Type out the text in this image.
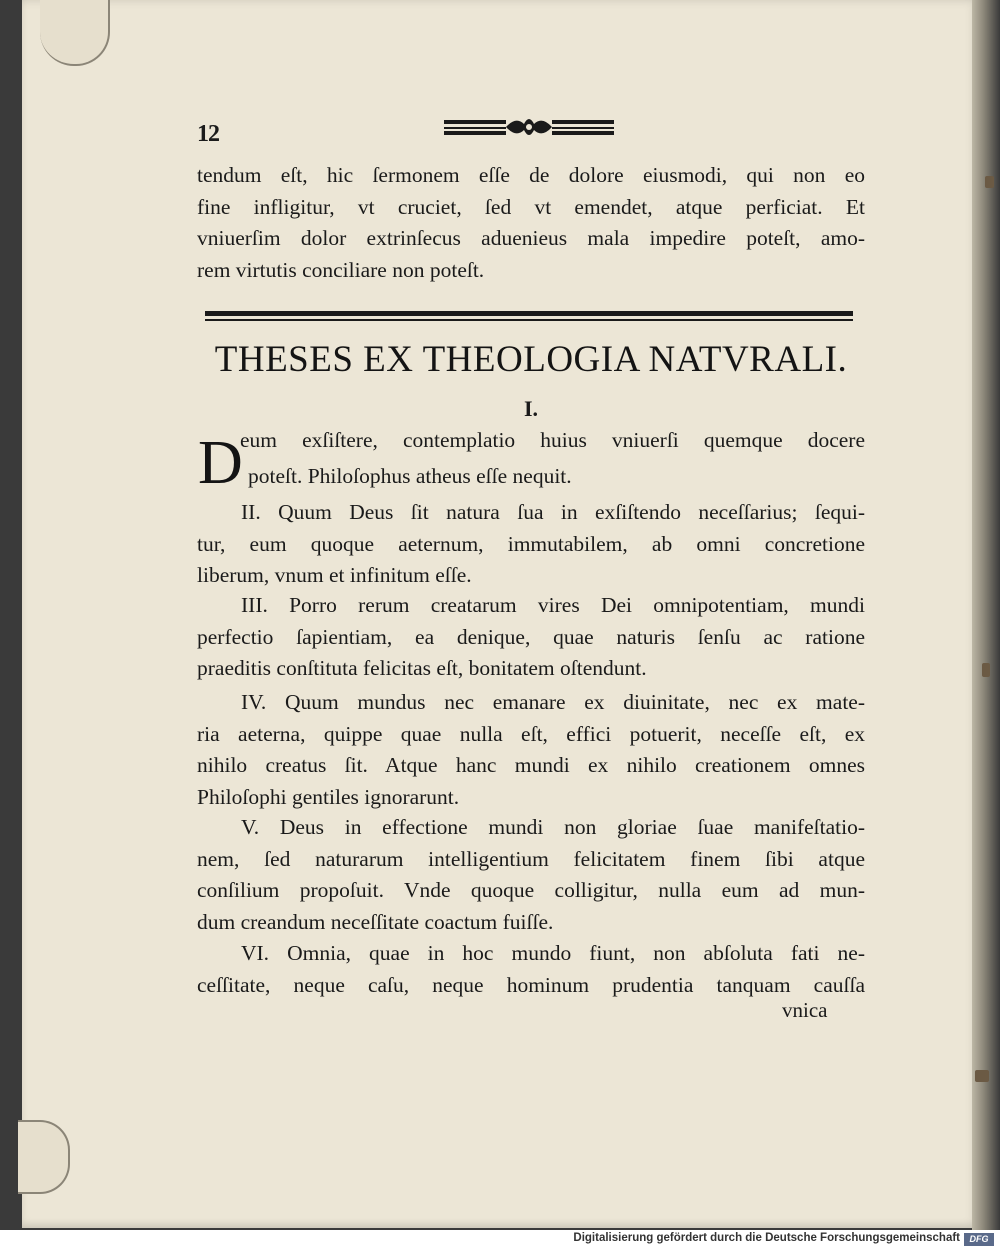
12
tendum eſt, hic ſermonem eſſe de dolore eiusmodi, qui non eo
fine infligitur, vt cruciet, ſed vt emendet, atque perficiat. Et
vniuerſim dolor extrinſecus aduenieus mala impedire poteſt, amo-
rem virtutis conciliare non poteſt.
THESES EX THEOLOGIA NATVRALI.
I.
D
eum exſiſtere, contemplatio huius vniuerſi quemque docere
poteſt. Philoſophus atheus eſſe nequit.
II. Quum Deus ſit natura ſua in exſiſtendo neceſſarius; ſequi-
tur, eum quoque aeternum, immutabilem, ab omni concretione
liberum, vnum et infinitum eſſe.
III. Porro rerum creatarum vires Dei omnipotentiam, mundi
perfectio ſapientiam, ea denique, quae naturis ſenſu ac ratione
praeditis conſtituta felicitas eſt, bonitatem oſtendunt.
IV. Quum mundus nec emanare ex diuinitate, nec ex mate-
ria aeterna, quippe quae nulla eſt, effici potuerit, neceſſe eſt, ex
nihilo creatus ſit. Atque hanc mundi ex nihilo creationem omnes
Philoſophi gentiles ignorarunt.
V. Deus in effectione mundi non gloriae ſuae manifeſtatio-
nem, ſed naturarum intelligentium felicitatem finem ſibi atque
conſilium propoſuit. Vnde quoque colligitur, nulla eum ad mun-
dum creandum neceſſitate coactum fuiſſe.
VI. Omnia, quae in hoc mundo fiunt, non abſoluta fati ne-
ceſſitate, neque caſu, neque hominum prudentia tanquam cauſſa
vnica
Digitalisierung gefördert durch die Deutsche Forschungsgemeinschaft	DFG
